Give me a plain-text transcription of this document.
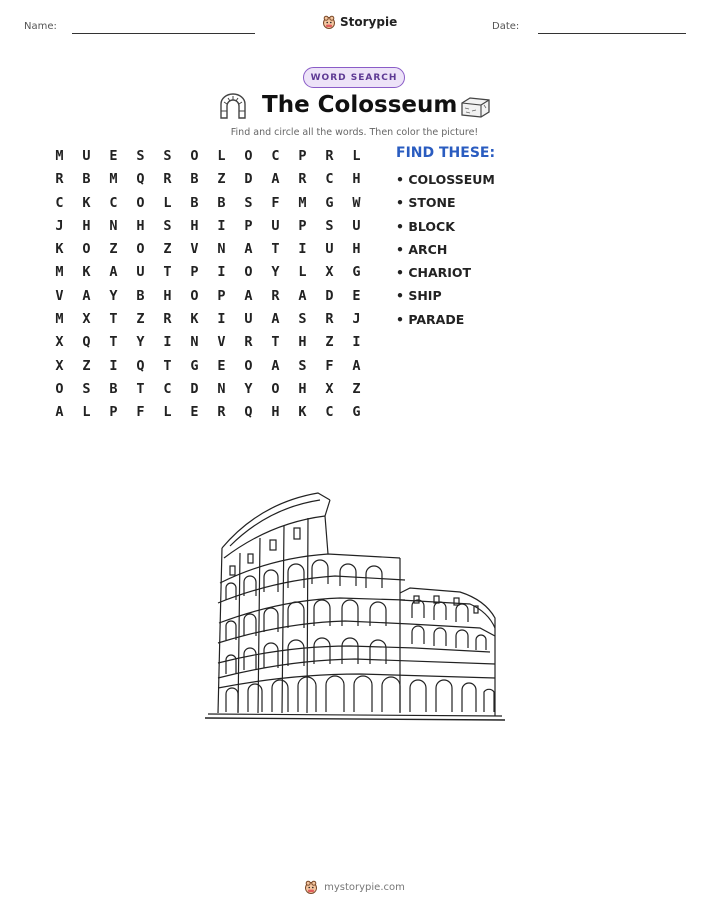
Name:	Storypie	Date:
WORD SEARCH
The Colosseum
Find and circle all the words. Then color the picture!
M	U	E	S	S	O	L	O	C	P	R	L
R	B	M	Q	R	B	Z	D	A	R	C	H
C	K	C	O	L	B	B	S	F	M	G	W
J	H	N	H	S	H	I	P	U	P	S	U
K	O	Z	O	Z	V	N	A	T	I	U	H
M	K	A	U	T	P	I	O	Y	L	X	G
V	A	Y	B	H	O	P	A	R	A	D	E
M	X	T	Z	R	K	I	U	A	S	R	J
X	Q	T	Y	I	N	V	R	T	H	Z	I
X	Z	I	Q	T	G	E	O	A	S	F	A
O	S	B	T	C	D	N	Y	O	H	X	Z
A	L	P	F	L	E	R	Q	H	K	C	G
FIND THESE:
• COLOSSEUM
• STONE
• BLOCK
• ARCH
• CHARIOT
• SHIP
• PARADE
mystorypie.com
